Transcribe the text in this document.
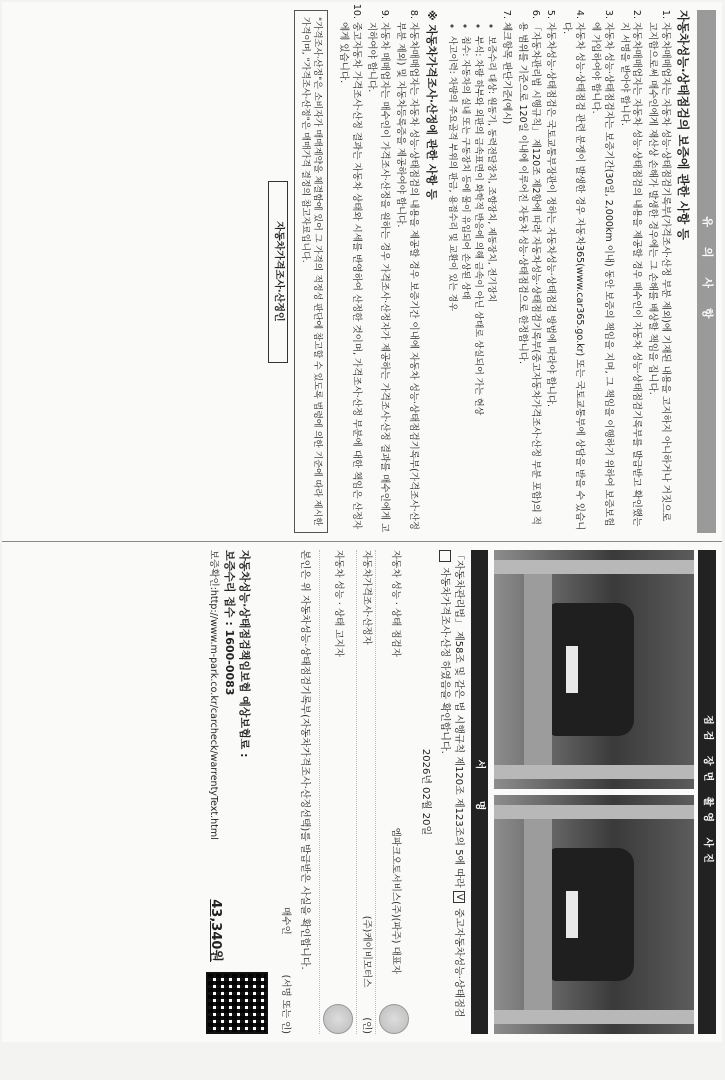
유 의 사 항
자동차성능·상태점검의 보증에 관한 사항 등
1. 자동차매매업자는 자동차 성능·상태점검기록부(가격조사·산정 부분 제외)에 기재된 내용을 고지하지 아니하거나 거짓으로 고지함으로써 매수인에게 재산상 손해가 발생한 경우에는 그 손해를 배상할 책임을 집니다.
2. 자동차매매업자는 자동차 성능·상태점검의 내용을 제공할 경우 매수인이 자동차 성능·상태점검기록부를 발급받고 확인했는지 서명을 받아야 합니다.
3. 자동차 성능·상태점검자는 보증기간(30일, 2,000km 이내) 동안 보증의 책임을 지며, 그 책임을 이행하기 위하여 보증보험에 가입하여야 합니다.
4. 자동차 성능·상태점검 관련 분쟁이 발생한 경우 자동차365(www.car365.go.kr) 또는 국토교통부에 상담을 받을 수 있습니다.
5. 자동차성능·상태점검은 국토교통부장관이 정하는 자동차성능·상태점검 방법에 따라야 합니다.
6. 「자동차관리법 시행규칙」 제120조 제2항에 따라 자동차성능·상태점검기록부(중고자동차가격조사·산정 부분 포함)의 적용 범위를 기준으로 120일 이내에 이루어진 자동차 성능·상태점검으로 한정합니다.
7. 체크항목 판단기준(예시)
◦ 보증수리 대상: 원동기, 동력전달장치, 조향장치, 제동장치, 전기장치
◦ 부식: 차량 하부와 외판의 금속표면이 화학적 반응에 의해 금속이 아닌 상태로 상실되어 가는 현상
◦ 침수: 자동차의 실내 또는 구동장치 등에 물이 유입되어 손상된 상태
◦ 사고이력: 차량의 주요골격 부위의 판금, 용접수리 및 교환이 있는 경우
※ 자동차가격조사·산정에 관한 사항 등
8. 자동차매매업자는 자동차 성능·상태점검의 내용을 제공할 경우 보증기간 이내에 자동차 성능·상태점검기록부(가격조사·산정 부분 제외) 및 자동차등록증을 제공하여야 합니다.
9. 자동차 매매업자는 매수인이 가격조사·산정을 원하는 경우 가격조사·산정자가 제공하는 가격조사·산정 결과를 매수인에게 고지하여야 합니다.
10. 중고자동차 가격조사·산정 결과는 자동차 상태와 시세를 반영하여 산정한 것이며, 가격조사·산정 부분에 대한 책임은 산정자에게 있습니다.
"가격조사·산정"은 소비자가 매매계약을 체결함에 있어 그 가격의 적정성 판단에 참고할 수 있도록 법령에 의한 기준에 따라 제시한 가격이며, "가격조사·산정"은 매매가격 결정의 참고자료입니다.
자동차가격조사·산정인
점검 장면 촬영 사진
서 명
「자동차관리법」 제58조 및 같은 법 시행규칙 제120조 제123조의 5에 따라 V 중고자동차성능·상태점검  자동차가격조사·산정 하였음을 확인합니다.
2026년 02월 20일
자동차 성능 · 상태 점검자
엠파크오토서비스(주)(파주) 대표자
자동차가격조사·산정자
(주)케이비모터스
(인)
자동차 성능 · 상태 고지자
본인은 위 자동차성능·상태점검기록부(자동차가격조사·산정선택)를 발급받은 사실을 확인합니다.
매수인
(서명 또는 인)
자동차성능·상태점검책임보험 예상보험료 :
보증수리 접수 : 1600-0083
보증확인:http://www.m-park.co.kr/carcheck/warrentyText.html
43,340원
